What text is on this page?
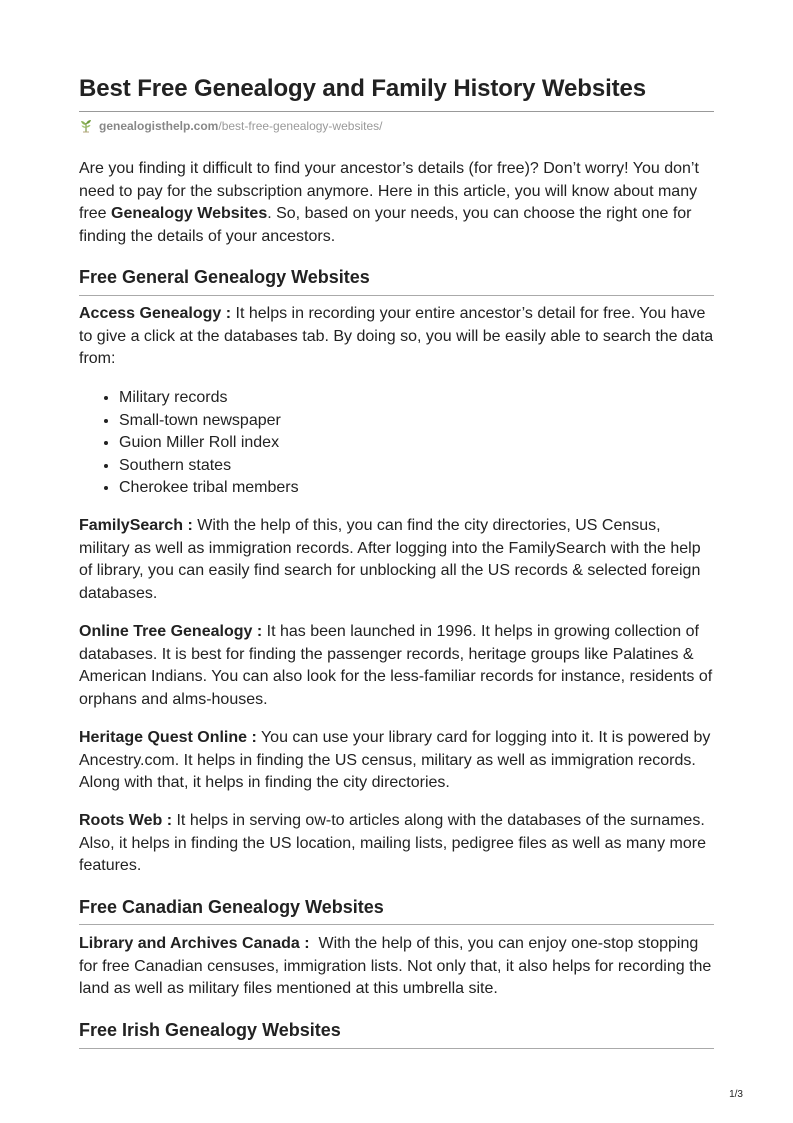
Best Free Genealogy and Family History Websites
genealogisthelp.com /best-free-genealogy-websites/

Are you finding it difficult to find your ancestor’s details (for free)? Don’t worry! You don’t need to pay for the subscription anymore. Here in this article, you will know about many free Genealogy Websites. So, based on your needs, you can choose the right one for finding the details of your ancestors.

Free General Genealogy Websites

Access Genealogy : It helps in recording your entire ancestor’s detail for free. You have to give a click at the databases tab. By doing so, you will be easily able to search the data from:

• Military records
• Small-town newspaper
• Guion Miller Roll index
• Southern states
• Cherokee tribal members

FamilySearch : With the help of this, you can find the city directories, US Census, military as well as immigration records. After logging into the FamilySearch with the help of library, you can easily find search for unblocking all the US records & selected foreign databases.

Online Tree Genealogy : It has been launched in 1996. It helps in growing collection of databases. It is best for finding the passenger records, heritage groups like Palatines & American Indians. You can also look for the less-familiar records for instance, residents of orphans and alms-houses.

Heritage Quest Online : You can use your library card for logging into it. It is powered by Ancestry.com. It helps in finding the US census, military as well as immigration records. Along with that, it helps in finding the city directories.

Roots Web : It helps in serving ow-to articles along with the databases of the surnames. Also, it helps in finding the US location, mailing lists, pedigree files as well as many more features.

Free Canadian Genealogy Websites

Library and Archives Canada :  With the help of this, you can enjoy one-stop stopping for free Canadian censuses, immigration lists. Not only that, it also helps for recording the land as well as military files mentioned at this umbrella site.

Free Irish Genealogy Websites
1/3
